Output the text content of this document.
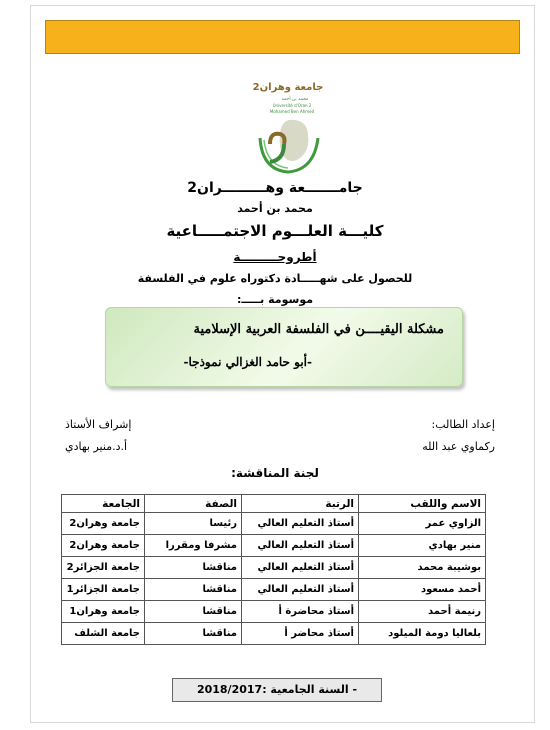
جامعة وهران2
محمد بن أحمد
Université d'Oran 2
Mohamed Ben Ahmed
جامـــــــعة وهـــــــــران2
محمد بن أحمد
كليـــة العلـــوم الاجتمـــــاعية
أطروحـــــــــة
للحصول على شهـــــادة دكتوراه علوم في الفلسفة
موسومة بـــــ:
مشكلة اليقيــــن في الفلسفة العربية الإسلامية
-أبو حامد الغزالي نموذجا-
إعداد الطالب:
ركماوي عبد الله
إشراف الأستاذ
أ.د.منير بهادي
لجنة المناقشة:
الاسم واللقب	الرتبة	الصفة	الجامعة
الزاوي عمر	أستاذ التعليم العالي	رئيسا	جامعة وهران2
منير بهادي	أستاذ التعليم العالي	مشرفا ومقررا	جامعة وهران2
بوشيبة محمد	أستاذ التعليم العالي	مناقشا	جامعة الجزائر2
أحمد مسعود	أستاذ التعليم العالي	مناقشا	جامعة الجزائر1
رنيمة أحمد	أستاذ محاضرة أ	مناقشا	جامعة وهران1
بلعاليا دومة الميلود	أستاذ محاضر أ	مناقشا	جامعة الشلف
- السنة الجامعية :2018/2017
